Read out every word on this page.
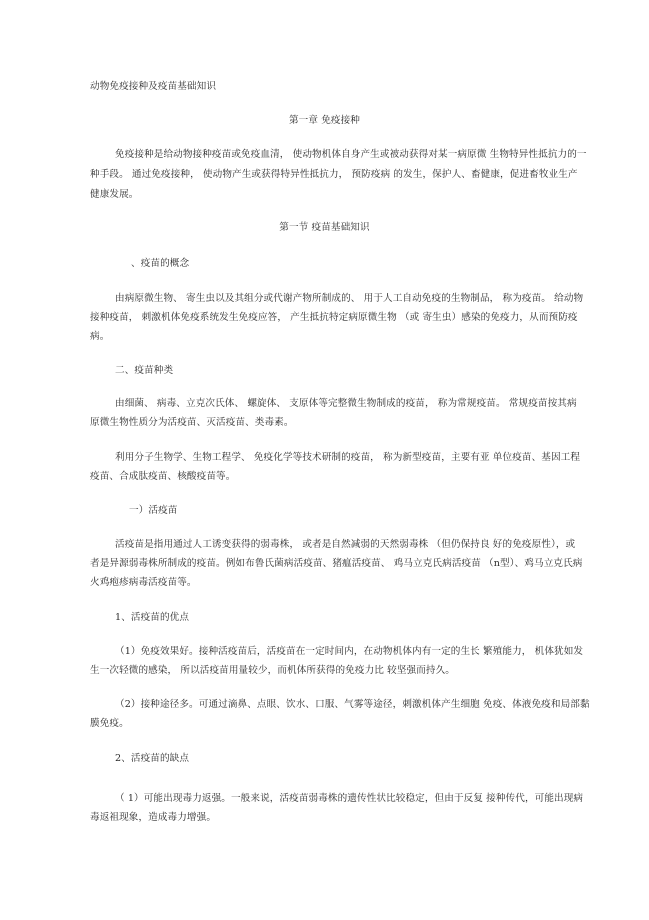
动物免疫接种及疫苗基础知识
第一章 免疫接种
免疫接种是给动物接种疫苗或免疫血清， 使动物机体自身产生或被动获得对某一病原微 生物特异性抵抗力的一
种手段。 通过免疫接种， 使动物产生或获得特异性抵抗力， 预防疫病 的发生，保护人、畜健康，促进畜牧业生产
健康发展。
第一节 疫苗基础知识
、疫苗的概念
由病原微生物、 寄生虫以及其组分或代谢产物所制成的、 用于人工自动免疫的生物制品， 称为疫苗。 给动物
接种疫苗， 刺激机体免疫系统发生免疫应答， 产生抵抗特定病原微生物 （或 寄生虫）感染的免疫力，从而预防疫
病。
二、疫苗种类
由细菌、 病毒、立克次氏体、 螺旋体、 支原体等完整微生物制成的疫苗， 称为常规疫苗。 常规疫苗按其病
原微生物性质分为活疫苗、灭活疫苗、类毒素。
利用分子生物学、生物工程学、 免疫化学等技术研制的疫苗， 称为新型疫苗，主要有亚 单位疫苗、基因工程
疫苗、合成肽疫苗、核酸疫苗等。
一）活疫苗
活疫苗是指用通过人工诱变获得的弱毒株， 或者是自然减弱的天然弱毒株 （但仍保持良 好的免疫原性），或
者是异源弱毒株所制成的疫苗。例如布鲁氏菌病活疫苗、猪瘟活疫苗、 鸡马立克氏病活疫苗 （n型）、鸡马立克氏病
火鸡疱疹病毒活疫苗等。
1、活疫苗的优点
（1）免疫效果好。接种活疫苗后，活疫苗在一定时间内，在动物机体内有一定的生长 繁殖能力， 机体犹如发
生一次轻微的感染， 所以活疫苗用量较少，而机体所获得的免疫力比 较坚强而持久。
（2）接种途径多。可通过滴鼻、点眼、饮水、口服、气雾等途径，刺激机体产生细胞 免疫、体液免疫和局部黏
膜免疫。
2、活疫苗的缺点
（ 1）可能出现毒力返强。一般来说，活疫苗弱毒株的遗传性状比较稳定，但由于反复 接种传代，可能出现病
毒返祖现象，造成毒力增强。
